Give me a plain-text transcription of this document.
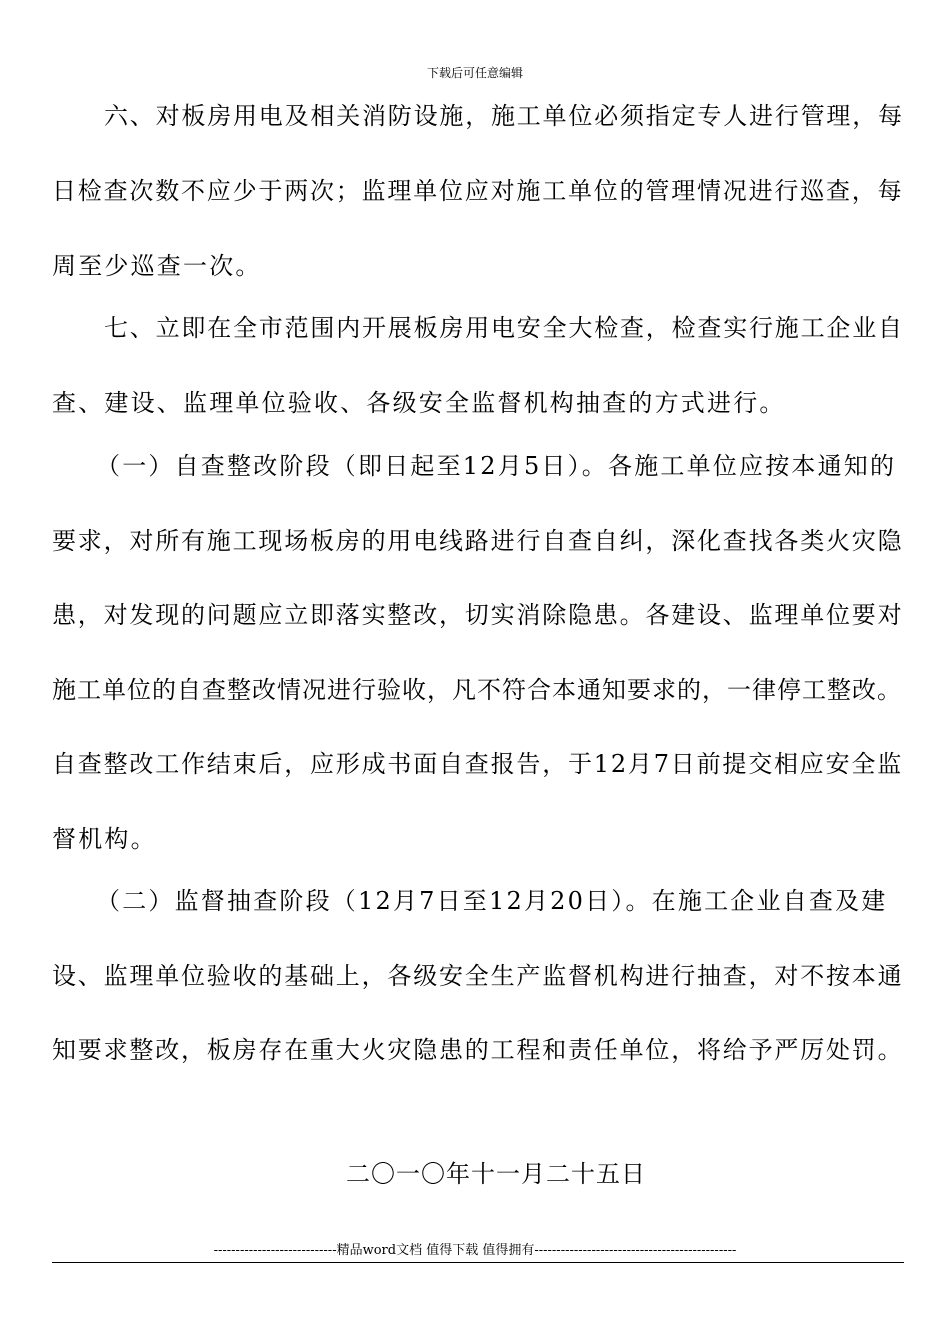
下载后可任意编辑
六、对板房用电及相关消防设施，施工单位必须指定专人进行管理，每
日检查次数不应少于两次；监理单位应对施工单位的管理情况进行巡查，每
周至少巡查一次。
七、立即在全市范围内开展板房用电安全大检查，检查实行施工企业自
查、建设、监理单位验收、各级安全监督机构抽查的方式进行。
（一）自查整改阶段（即日起至12月5日）。各施工单位应按本通知的
要求，对所有施工现场板房的用电线路进行自查自纠，深化查找各类火灾隐
患，对发现的问题应立即落实整改，切实消除隐患。各建设、监理单位要对
施工单位的自查整改情况进行验收，凡不符合本通知要求的，一律停工整改。
自查整改工作结束后，应形成书面自查报告，于12月7日前提交相应安全监
督机构。
（二）监督抽查阶段（12月7日至12月20日）。在施工企业自查及建
设、监理单位验收的基础上，各级安全生产监督机构进行抽查，对不按本通
知要求整改，板房存在重大火灾隐患的工程和责任单位，将给予严厉处罚。
二〇一〇年十一月二十五日
----------------------------精品word文档 值得下载 值得拥有----------------------------------------------
